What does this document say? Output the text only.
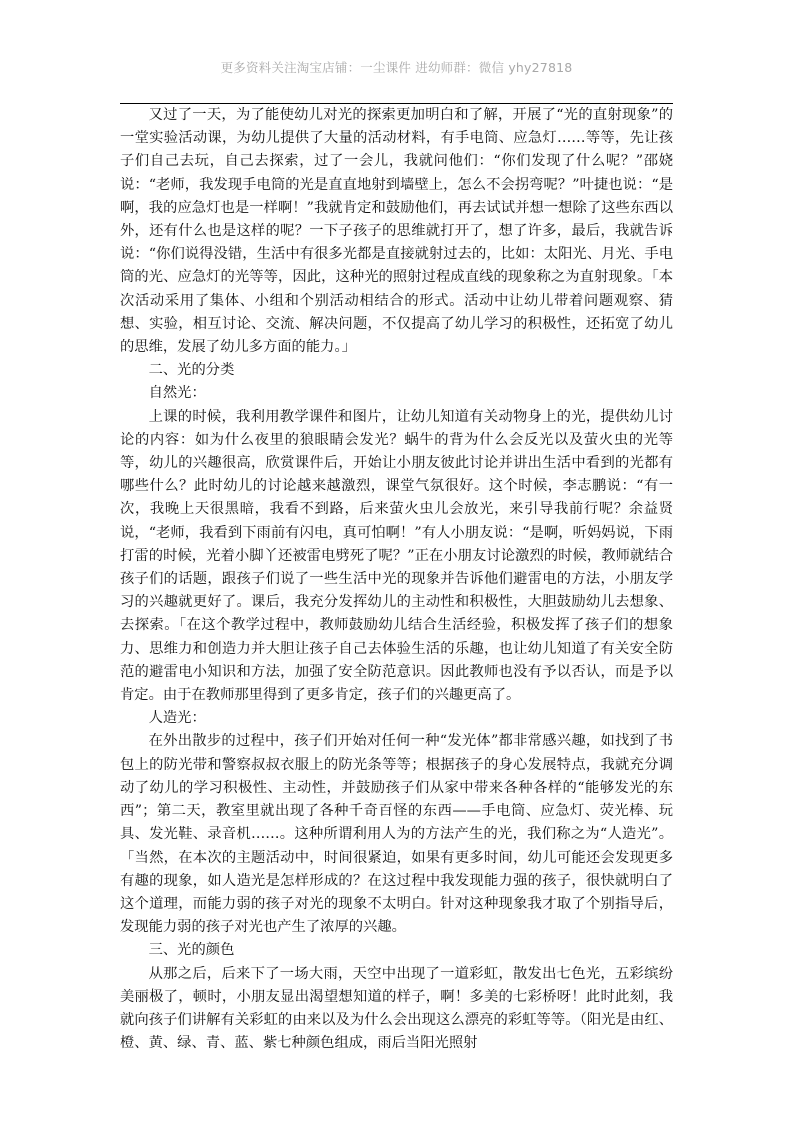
更多资料关注淘宝店铺：一尘课件 进幼师群：微信 yhy27818

又过了一天，为了能使幼儿对光的探索更加明白和了解，开展了“光的直射现象”的一堂实验活动课，为幼儿提供了大量的活动材料，有手电筒、应急灯……等等，先让孩子们自己去玩，自己去探索，过了一会儿，我就问他们：“你们发现了什么呢？”邵娆说：“老师，我发现手电筒的光是直直地射到墙壁上，怎么不会拐弯呢？”叶捷也说：“是啊，我的应急灯也是一样啊！”我就肯定和鼓励他们，再去试试并想一想除了这些东西以外，还有什么也是这样的呢？一下子孩子的思维就打开了，想了许多，最后，我就告诉说：“你们说得没错，生活中有很多光都是直接就射过去的，比如：太阳光、月光、手电筒的光、应急灯的光等等，因此，这种光的照射过程成直线的现象称之为直射现象。「本次活动采用了集体、小组和个别活动相结合的形式。活动中让幼儿带着问题观察、猜想、实验，相互讨论、交流、解决问题，不仅提高了幼儿学习的积极性，还拓宽了幼儿的思维，发展了幼儿多方面的能力。」

二、光的分类

自然光：

上课的时候，我利用教学课件和图片，让幼儿知道有关动物身上的光，提供幼儿讨论的内容：如为什么夜里的狼眼睛会发光？蜗牛的背为什么会反光以及萤火虫的光等等，幼儿的兴趣很高，欣赏课件后，开始让小朋友彼此讨论并讲出生活中看到的光都有哪些什么？此时幼儿的讨论越来越激烈，课堂气氛很好。这个时候，李志鹏说：“有一次，我晚上天很黑暗，我看不到路，后来萤火虫儿会放光，来引导我前行呢？余益贤说，“老师，我看到下雨前有闪电，真可怕啊！”有人小朋友说：“是啊，听妈妈说，下雨打雷的时候，光着小脚丫还被雷电劈死了呢？”正在小朋友讨论激烈的时候，教师就结合孩子们的话题，跟孩子们说了一些生活中光的现象并告诉他们避雷电的方法，小朋友学习的兴趣就更好了。课后，我充分发挥幼儿的主动性和积极性，大胆鼓励幼儿去想象、去探索。「在这个教学过程中，教师鼓励幼儿结合生活经验，积极发挥了孩子们的想象力、思维力和创造力并大胆让孩子自己去体验生活的乐趣，也让幼儿知道了有关安全防范的避雷电小知识和方法，加强了安全防范意识。因此教师也没有予以否认，而是予以肯定。由于在教师那里得到了更多肯定，孩子们的兴趣更高了。

人造光：

在外出散步的过程中，孩子们开始对任何一种“发光体”都非常感兴趣，如找到了书包上的防光带和警察叔叔衣服上的防光条等等；根据孩子的身心发展特点，我就充分调动了幼儿的学习积极性、主动性，并鼓励孩子们从家中带来各种各样的“能够发光的东西”；第二天，教室里就出现了各种千奇百怪的东西——手电筒、应急灯、荧光棒、玩具、发光鞋、录音机……。这种所谓利用人为的方法产生的光，我们称之为“人造光”。「当然，在本次的主题活动中，时间很紧迫，如果有更多时间，幼儿可能还会发现更多有趣的现象，如人造光是怎样形成的？在这过程中我发现能力强的孩子，很快就明白了这个道理，而能力弱的孩子对光的现象不太明白。针对这种现象我才取了个别指导后，发现能力弱的孩子对光也产生了浓厚的兴趣。

三、光的颜色

从那之后，后来下了一场大雨，天空中出现了一道彩虹，散发出七色光，五彩缤纷美丽极了，顿时，小朋友显出渴望想知道的样子，啊！多美的七彩桥呀！此时此刻，我就向孩子们讲解有关彩虹的由来以及为什么会出现这么漂亮的彩虹等等。（阳光是由红、橙、黄、绿、青、蓝、紫七种颜色组成，雨后当阳光照射
